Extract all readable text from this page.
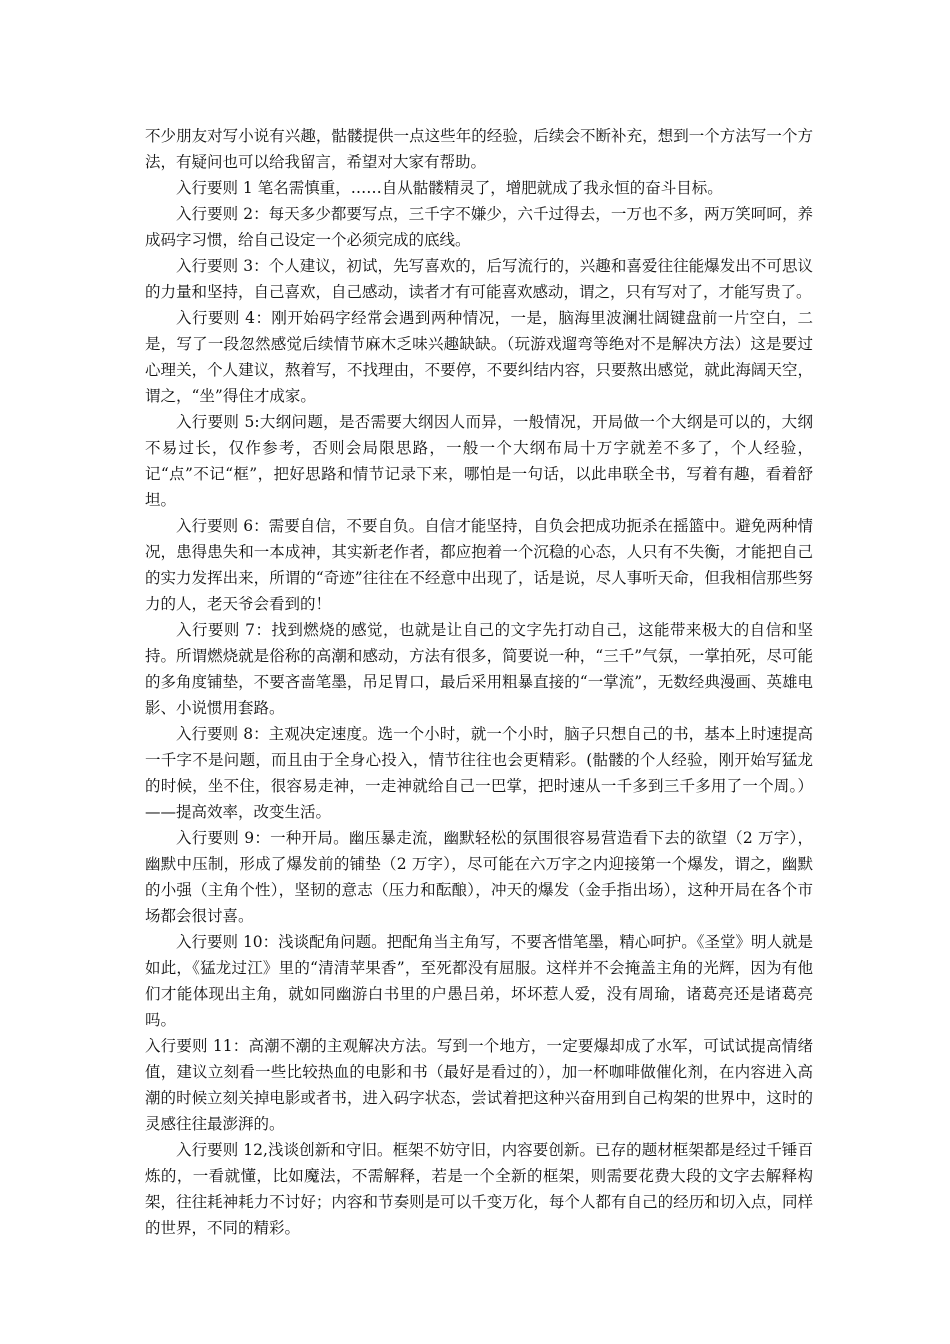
不少朋友对写小说有兴趣，骷髅提供一点这些年的经验，后续会不断补充，想到一个方法写一个方法，有疑问也可以给我留言，希望对大家有帮助。

入行要则 1 笔名需慎重，……自从骷髅精灵了，增肥就成了我永恒的奋斗目标。

入行要则 2：每天多少都要写点，三千字不嫌少，六千过得去，一万也不多，两万笑呵呵，养成码字习惯，给自己设定一个必须完成的底线。

入行要则 3：个人建议，初试，先写喜欢的，后写流行的，兴趣和喜爱往往能爆发出不可思议的力量和坚持，自己喜欢，自己感动，读者才有可能喜欢感动，谓之，只有写对了，才能写贵了。

入行要则 4：刚开始码字经常会遇到两种情况，一是，脑海里波澜壮阔键盘前一片空白，二是，写了一段忽然感觉后续情节麻木乏味兴趣缺缺。（玩游戏遛弯等绝对不是解决方法）这是要过心理关，个人建议，熬着写，不找理由，不要停，不要纠结内容，只要熬出感觉，就此海阔天空，谓之，“坐”得住才成家。

入行要则 5:大纲问题，是否需要大纲因人而异，一般情况，开局做一个大纲是可以的，大纲不易过长，仅作参考，否则会局限思路，一般一个大纲布局十万字就差不多了，个人经验，记“点”不记“框”，把好思路和情节记录下来，哪怕是一句话，以此串联全书，写着有趣，看着舒坦。

入行要则 6：需要自信，不要自负。自信才能坚持，自负会把成功扼杀在摇篮中。避免两种情况，患得患失和一本成神，其实新老作者，都应抱着一个沉稳的心态，人只有不失衡，才能把自己的实力发挥出来，所谓的“奇迹”往往在不经意中出现了，话是说，尽人事听天命，但我相信那些努力的人，老天爷会看到的！

入行要则 7：找到燃烧的感觉，也就是让自己的文字先打动自己，这能带来极大的自信和坚持。所谓燃烧就是俗称的高潮和感动，方法有很多，简要说一种，“三千”气氛，一掌拍死，尽可能的多角度铺垫，不要吝啬笔墨，吊足胃口，最后采用粗暴直接的“一掌流”，无数经典漫画、英雄电影、小说惯用套路。

入行要则 8：主观决定速度。选一个小时，就一个小时，脑子只想自己的书，基本上时速提高一千字不是问题，而且由于全身心投入，情节往往也会更精彩。(骷髅的个人经验，刚开始写猛龙的时候，坐不住，很容易走神，一走神就给自己一巴掌，把时速从一千多到三千多用了一个周。）——提高效率，改变生活。

入行要则 9：一种开局。幽压暴走流，幽默轻松的氛围很容易营造看下去的欲望（2 万字），幽默中压制，形成了爆发前的铺垫（2 万字），尽可能在六万字之内迎接第一个爆发，谓之，幽默的小强（主角个性），坚韧的意志（压力和酝酿），冲天的爆发（金手指出场），这种开局在各个市场都会很讨喜。

入行要则 10：浅谈配角问题。把配角当主角写，不要吝惜笔墨，精心呵护。《圣堂》明人就是如此，《猛龙过江》里的“清清苹果香”，至死都没有屈服。这样并不会掩盖主角的光辉，因为有他们才能体现出主角，就如同幽游白书里的户愚吕弟，坏坏惹人爱，没有周瑜，诸葛亮还是诸葛亮吗。

入行要则 11：高潮不潮的主观解决方法。写到一个地方，一定要爆却成了水军，可试试提高情绪值，建议立刻看一些比较热血的电影和书（最好是看过的），加一杯咖啡做催化剂，在内容进入高潮的时候立刻关掉电影或者书，进入码字状态，尝试着把这种兴奋用到自己构架的世界中，这时的灵感往往最澎湃的。

入行要则 12,浅谈创新和守旧。框架不妨守旧，内容要创新。已存的题材框架都是经过千锤百炼的，一看就懂，比如魔法，不需解释，若是一个全新的框架，则需要花费大段的文字去解释构架，往往耗神耗力不讨好；内容和节奏则是可以千变万化，每个人都有自己的经历和切入点，同样的世界，不同的精彩。
